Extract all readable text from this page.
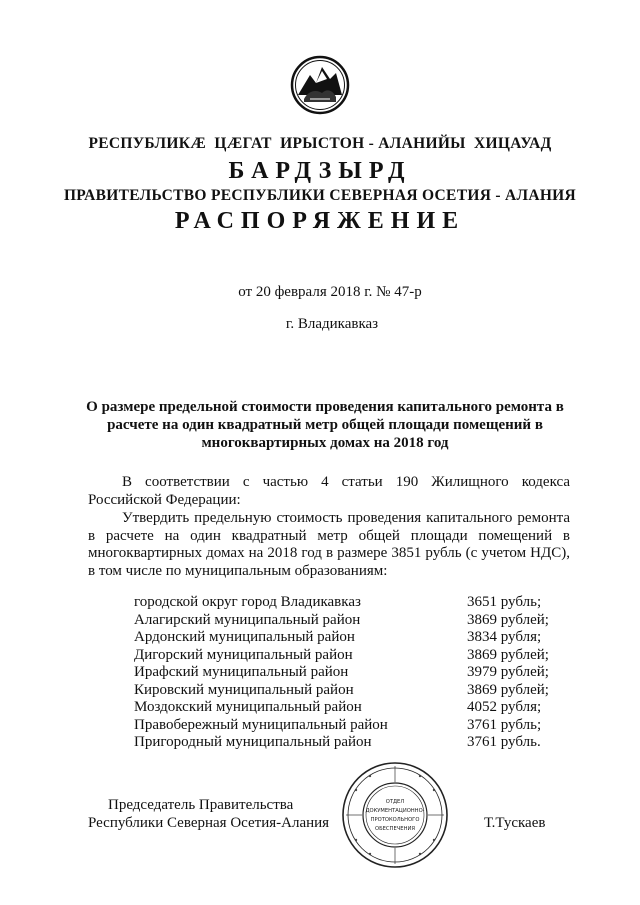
РЕСПУБЛИКÆ  ЦÆГАТ  ИРЫСТОН - АЛАНИЙЫ  ХИЦАУАД
БАРДЗЫРД
ПРАВИТЕЛЬСТВО РЕСПУБЛИКИ СЕВЕРНАЯ ОСЕТИЯ - АЛАНИЯ
РАСПОРЯЖЕНИЕ
от 20 февраля 2018 г. № 47-р
г. Владикавказ
О размере предельной стоимости проведения капитального ремонта в расчете на один квадратный метр общей площади помещений в многоквартирных домах на 2018 год
В соответствии с частью 4 статьи 190 Жилищного кодекса Российской Федерации:
Утвердить предельную стоимость проведения капитального ремонта в расчете на один квадратный метр общей площади помещений в многоквартирных домах на 2018 год в размере 3851 рубль (с учетом НДС), в том числе по муниципальным образованиям:
городской округ город Владикавказ	3651 рубль;
Алагирский муниципальный район	3869 рублей;
Ардонский муниципальный район	3834 рубля;
Дигорский муниципальный район	3869 рублей;
Ирафский муниципальный район	3979 рублей;
Кировский муниципальный район	3869 рублей;
Моздокский муниципальный район	4052 рубля;
Правобережный муниципальный район	3761 рубль;
Пригородный муниципальный район	3761 рубль.
Председатель Правительства
Республики Северная Осетия-Алания	Т.Тускаев
ОТДЕЛ
ДОКУМЕНТАЦИОННО-
ПРОТОКОЛЬНОГО
ОБЕСПЕЧЕНИЯ
